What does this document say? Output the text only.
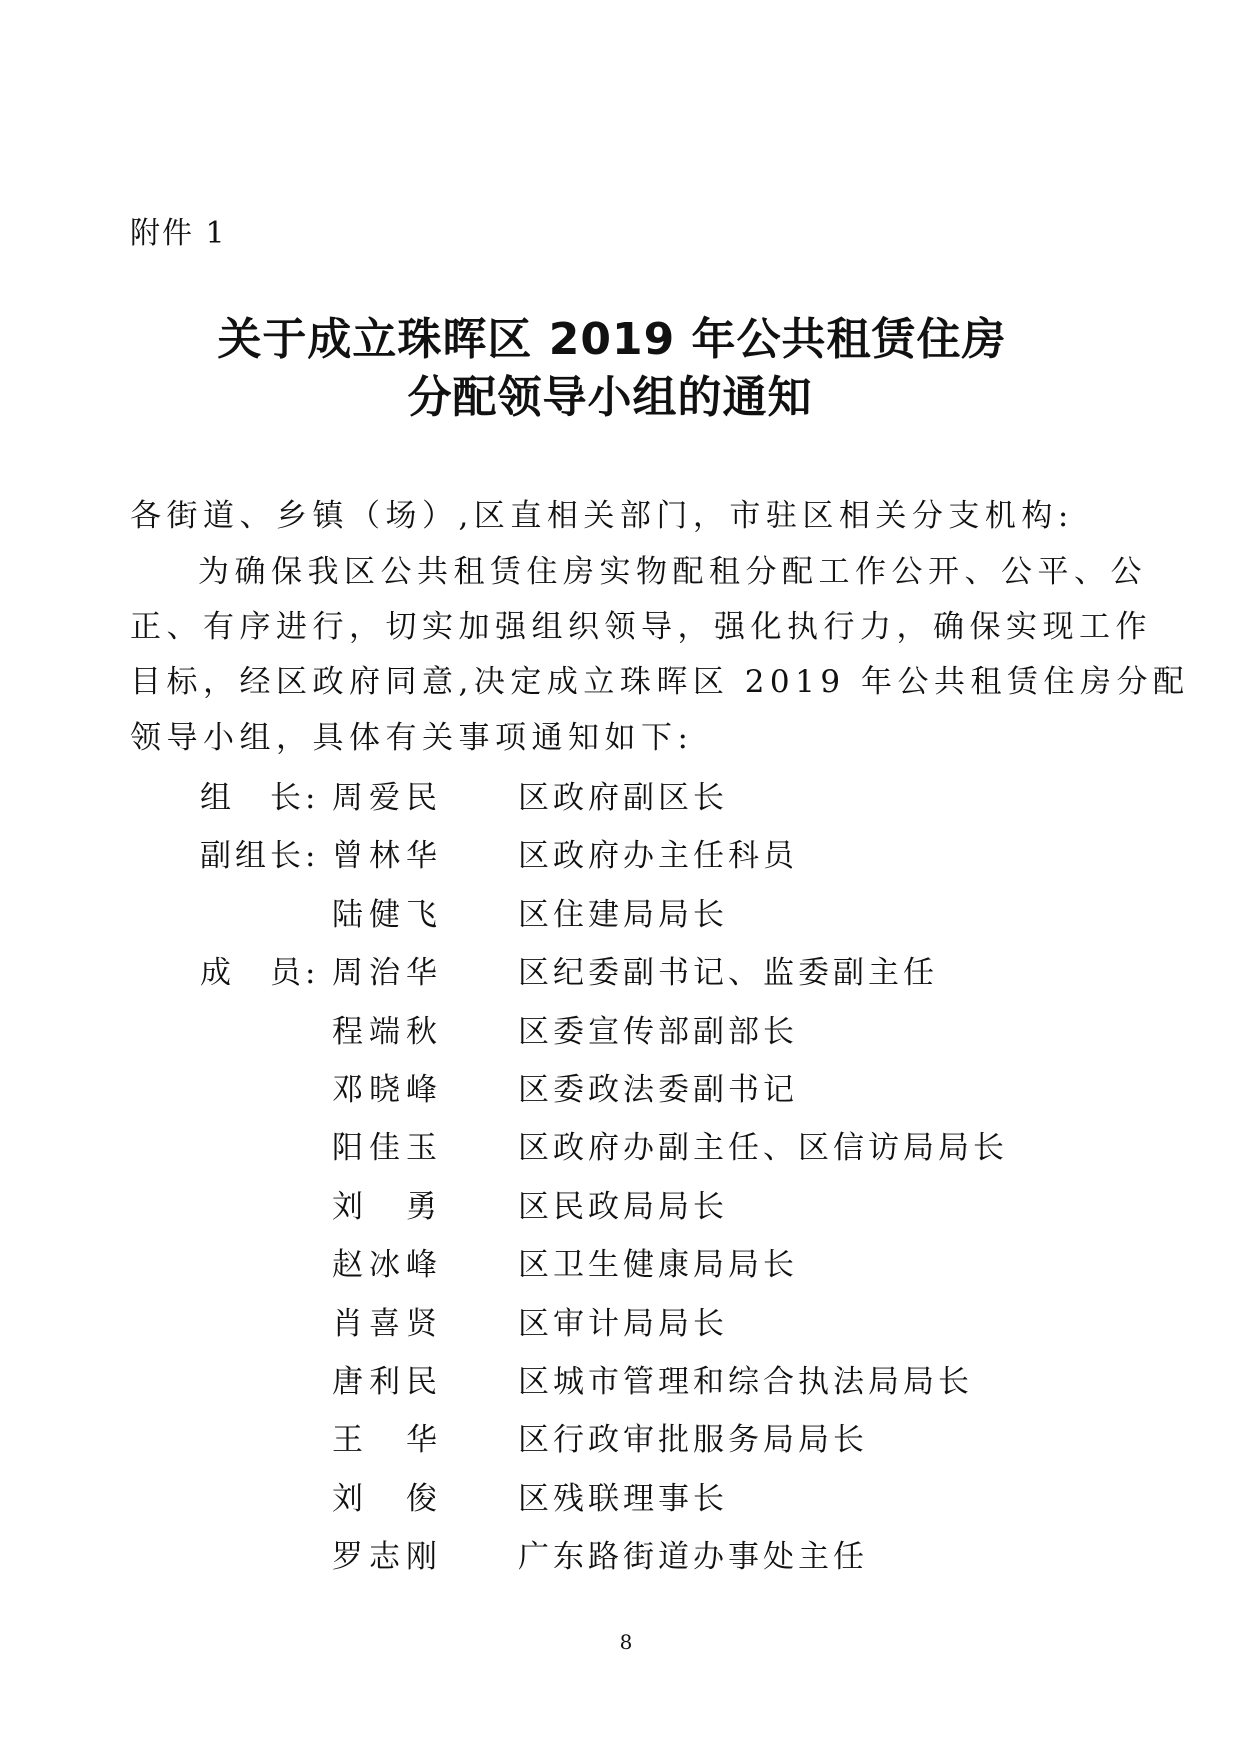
附件 1
关于成立珠晖区 2019 年公共租赁住房
分配领导小组的通知
各街道、乡镇（场）,区直相关部门，市驻区相关分支机构:
为确保我区公共租赁住房实物配租分配工作公开、公平、公
正、有序进行，切实加强组织领导，强化执行力，确保实现工作
目标，经区政府同意,决定成立珠晖区 2019 年公共租赁住房分配
领导小组，具体有关事项通知如下:
组　长: 周爱民 区政府副区长
副组长: 曾林华 区政府办主任科员
陆健飞 区住建局局长
成　员: 周治华 区纪委副书记、监委副主任
程端秋 区委宣传部副部长
邓晓峰 区委政法委副书记
阳佳玉 区政府办副主任、区信访局局长
刘　勇 区民政局局长
赵冰峰 区卫生健康局局长
肖喜贤 区审计局局长
唐利民 区城市管理和综合执法局局长
王　华 区行政审批服务局局长
刘　俊 区残联理事长
罗志刚 广东路街道办事处主任
8
